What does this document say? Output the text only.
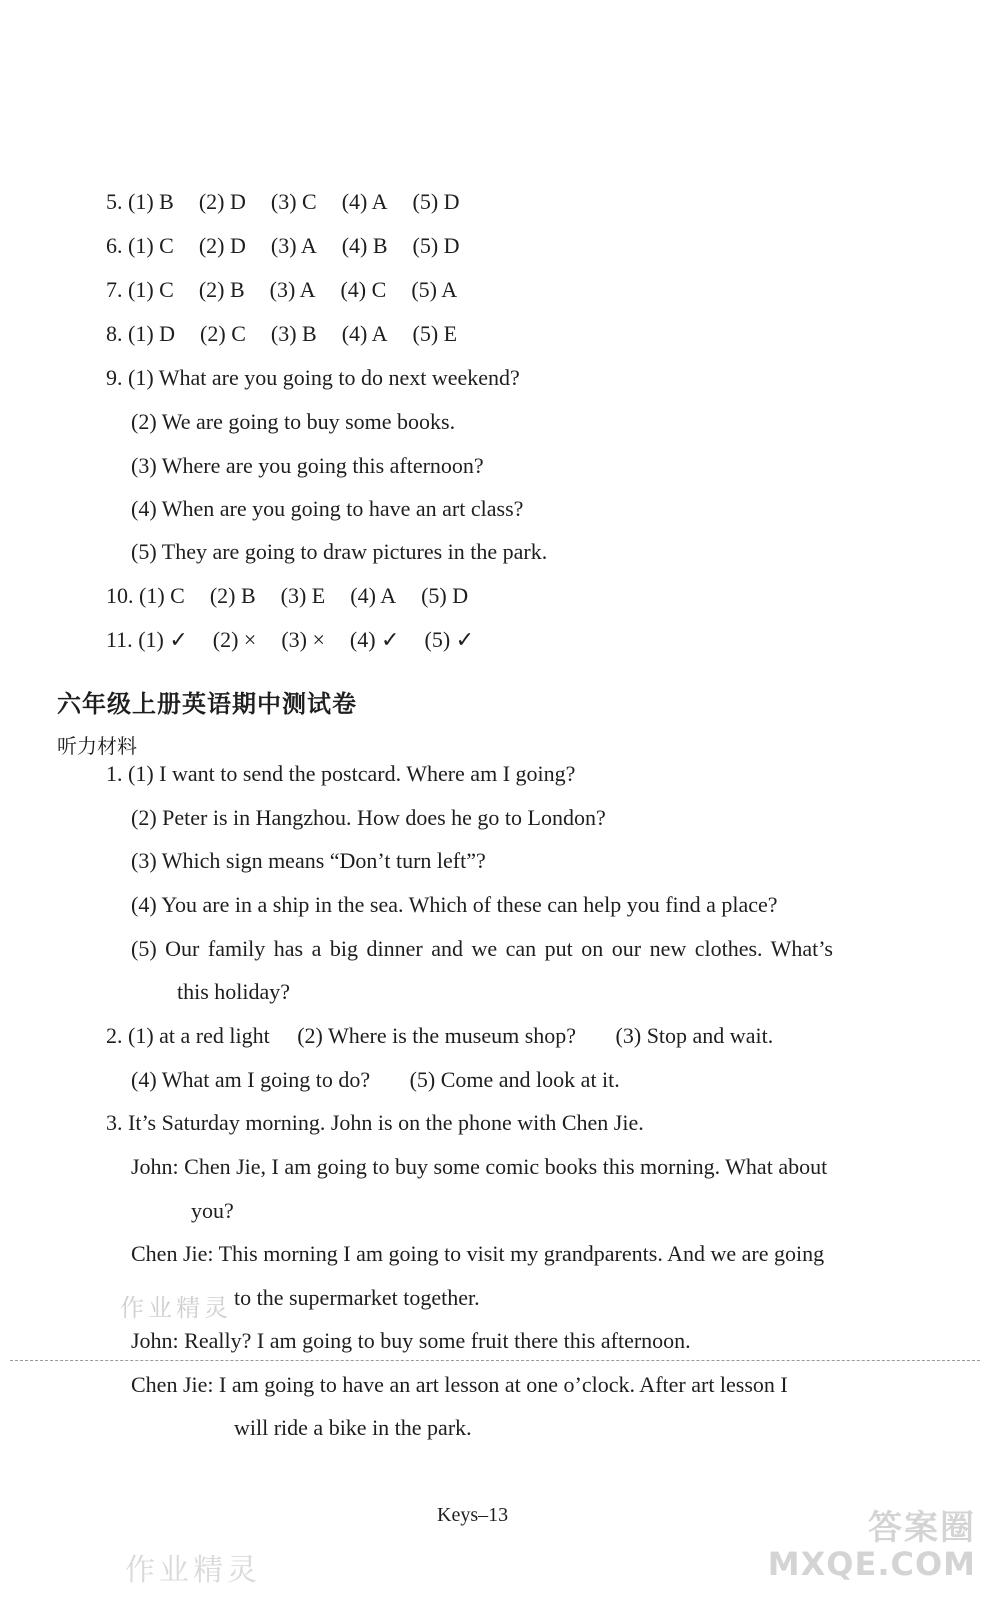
5. (1) B (2) D (3) C (4) A (5) D
6. (1) C (2) D (3) A (4) B (5) D
7. (1) C (2) B (3) A (4) C (5) A
8. (1) D (2) C (3) B (4) A (5) E
9. (1) What are you going to do next weekend?
(2) We are going to buy some books.
(3) Where are you going this afternoon?
(4) When are you going to have an art class?
(5) They are going to draw pictures in the park.
10. (1) C (2) B (3) E (4) A (5) D
11. (1) ✓ (2) × (3) × (4) ✓ (5) ✓
六年级上册英语期中测试卷
听力材料
1. (1) I want to send the postcard. Where am I going?
(2) Peter is in Hangzhou. How does he go to London?
(3) Which sign means “Don’t turn left”?
(4) You are in a ship in the sea. Which of these can help you find a place?
(5) Our family has a big dinner and we can put on our new clothes. What’s
this holiday?
2. (1) at a red light (2) Where is the museum shop? (3) Stop and wait.
(4) What am I going to do? (5) Come and look at it.
3. It’s Saturday morning. John is on the phone with Chen Jie.
John: Chen Jie, I am going to buy some comic books this morning. What about
you?
Chen Jie: This morning I am going to visit my grandparents. And we are going
to the supermarket together.
John: Really? I am going to buy some fruit there this afternoon.
Chen Jie: I am going to have an art lesson at one o’clock. After art lesson I
will ride a bike in the park.
Keys–13
作业精灵
作业精灵
答案圈
MXQE.COM
